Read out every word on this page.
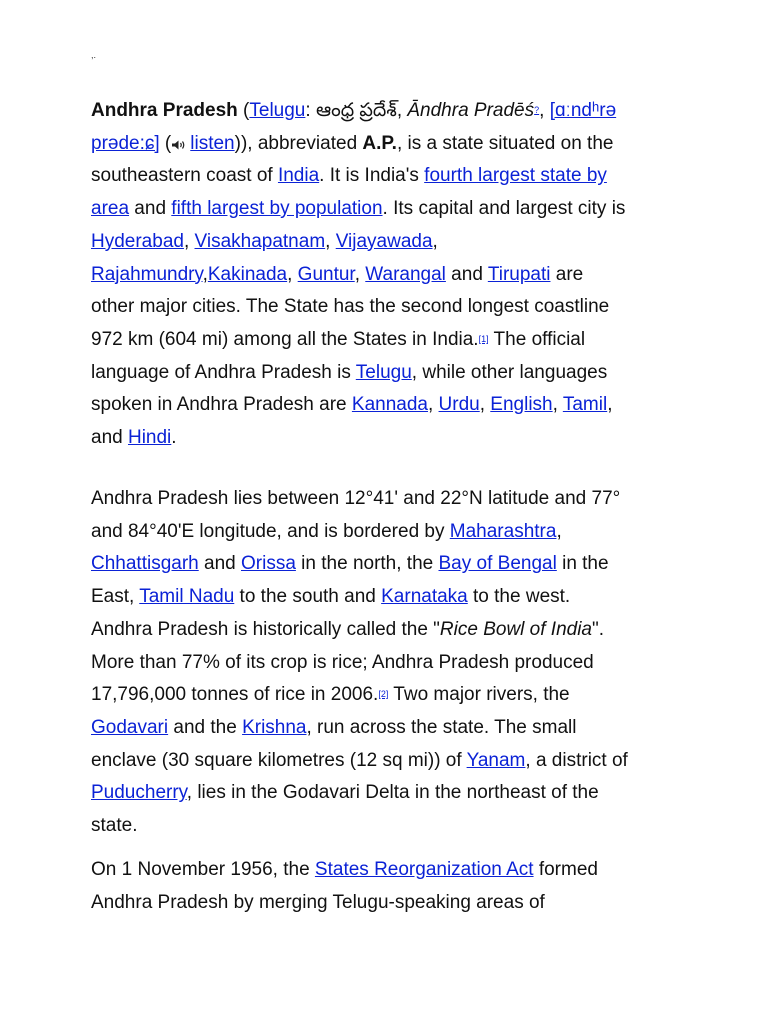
,.
Andhra Pradesh (Telugu: ఆంధ్ర ప్రదేశ్, Āndhra Pradēś?, [ɑːndʰrə
prəde:ɕ] ( listen)), abbreviated A.P., is a state situated on the
southeastern coast of India. It is India's fourth largest state by
area and fifth largest by population. Its capital and largest city is
Hyderabad, Visakhapatnam, Vijayawada,
Rajahmundry,Kakinada, Guntur, Warangal and Tirupati are
other major cities. The State has the second longest coastline
972 km (604 mi) among all the States in India.[1] The official
language of Andhra Pradesh is Telugu, while other languages
spoken in Andhra Pradesh are Kannada, Urdu, English, Tamil,
and Hindi.
Andhra Pradesh lies between 12°41' and 22°N latitude and 77°
and 84°40'E longitude, and is bordered by Maharashtra,
Chhattisgarh and Orissa in the north, the Bay of Bengal in the
East, Tamil Nadu to the south and Karnataka to the west.
Andhra Pradesh is historically called the "Rice Bowl of India".
More than 77% of its crop is rice; Andhra Pradesh produced
17,796,000 tonnes of rice in 2006.[2] Two major rivers, the
Godavari and the Krishna, run across the state. The small
enclave (30 square kilometres (12 sq mi)) of Yanam, a district of
Puducherry, lies in the Godavari Delta in the northeast of the
state.
On 1 November 1956, the States Reorganization Act formed
Andhra Pradesh by merging Telugu-speaking areas of
